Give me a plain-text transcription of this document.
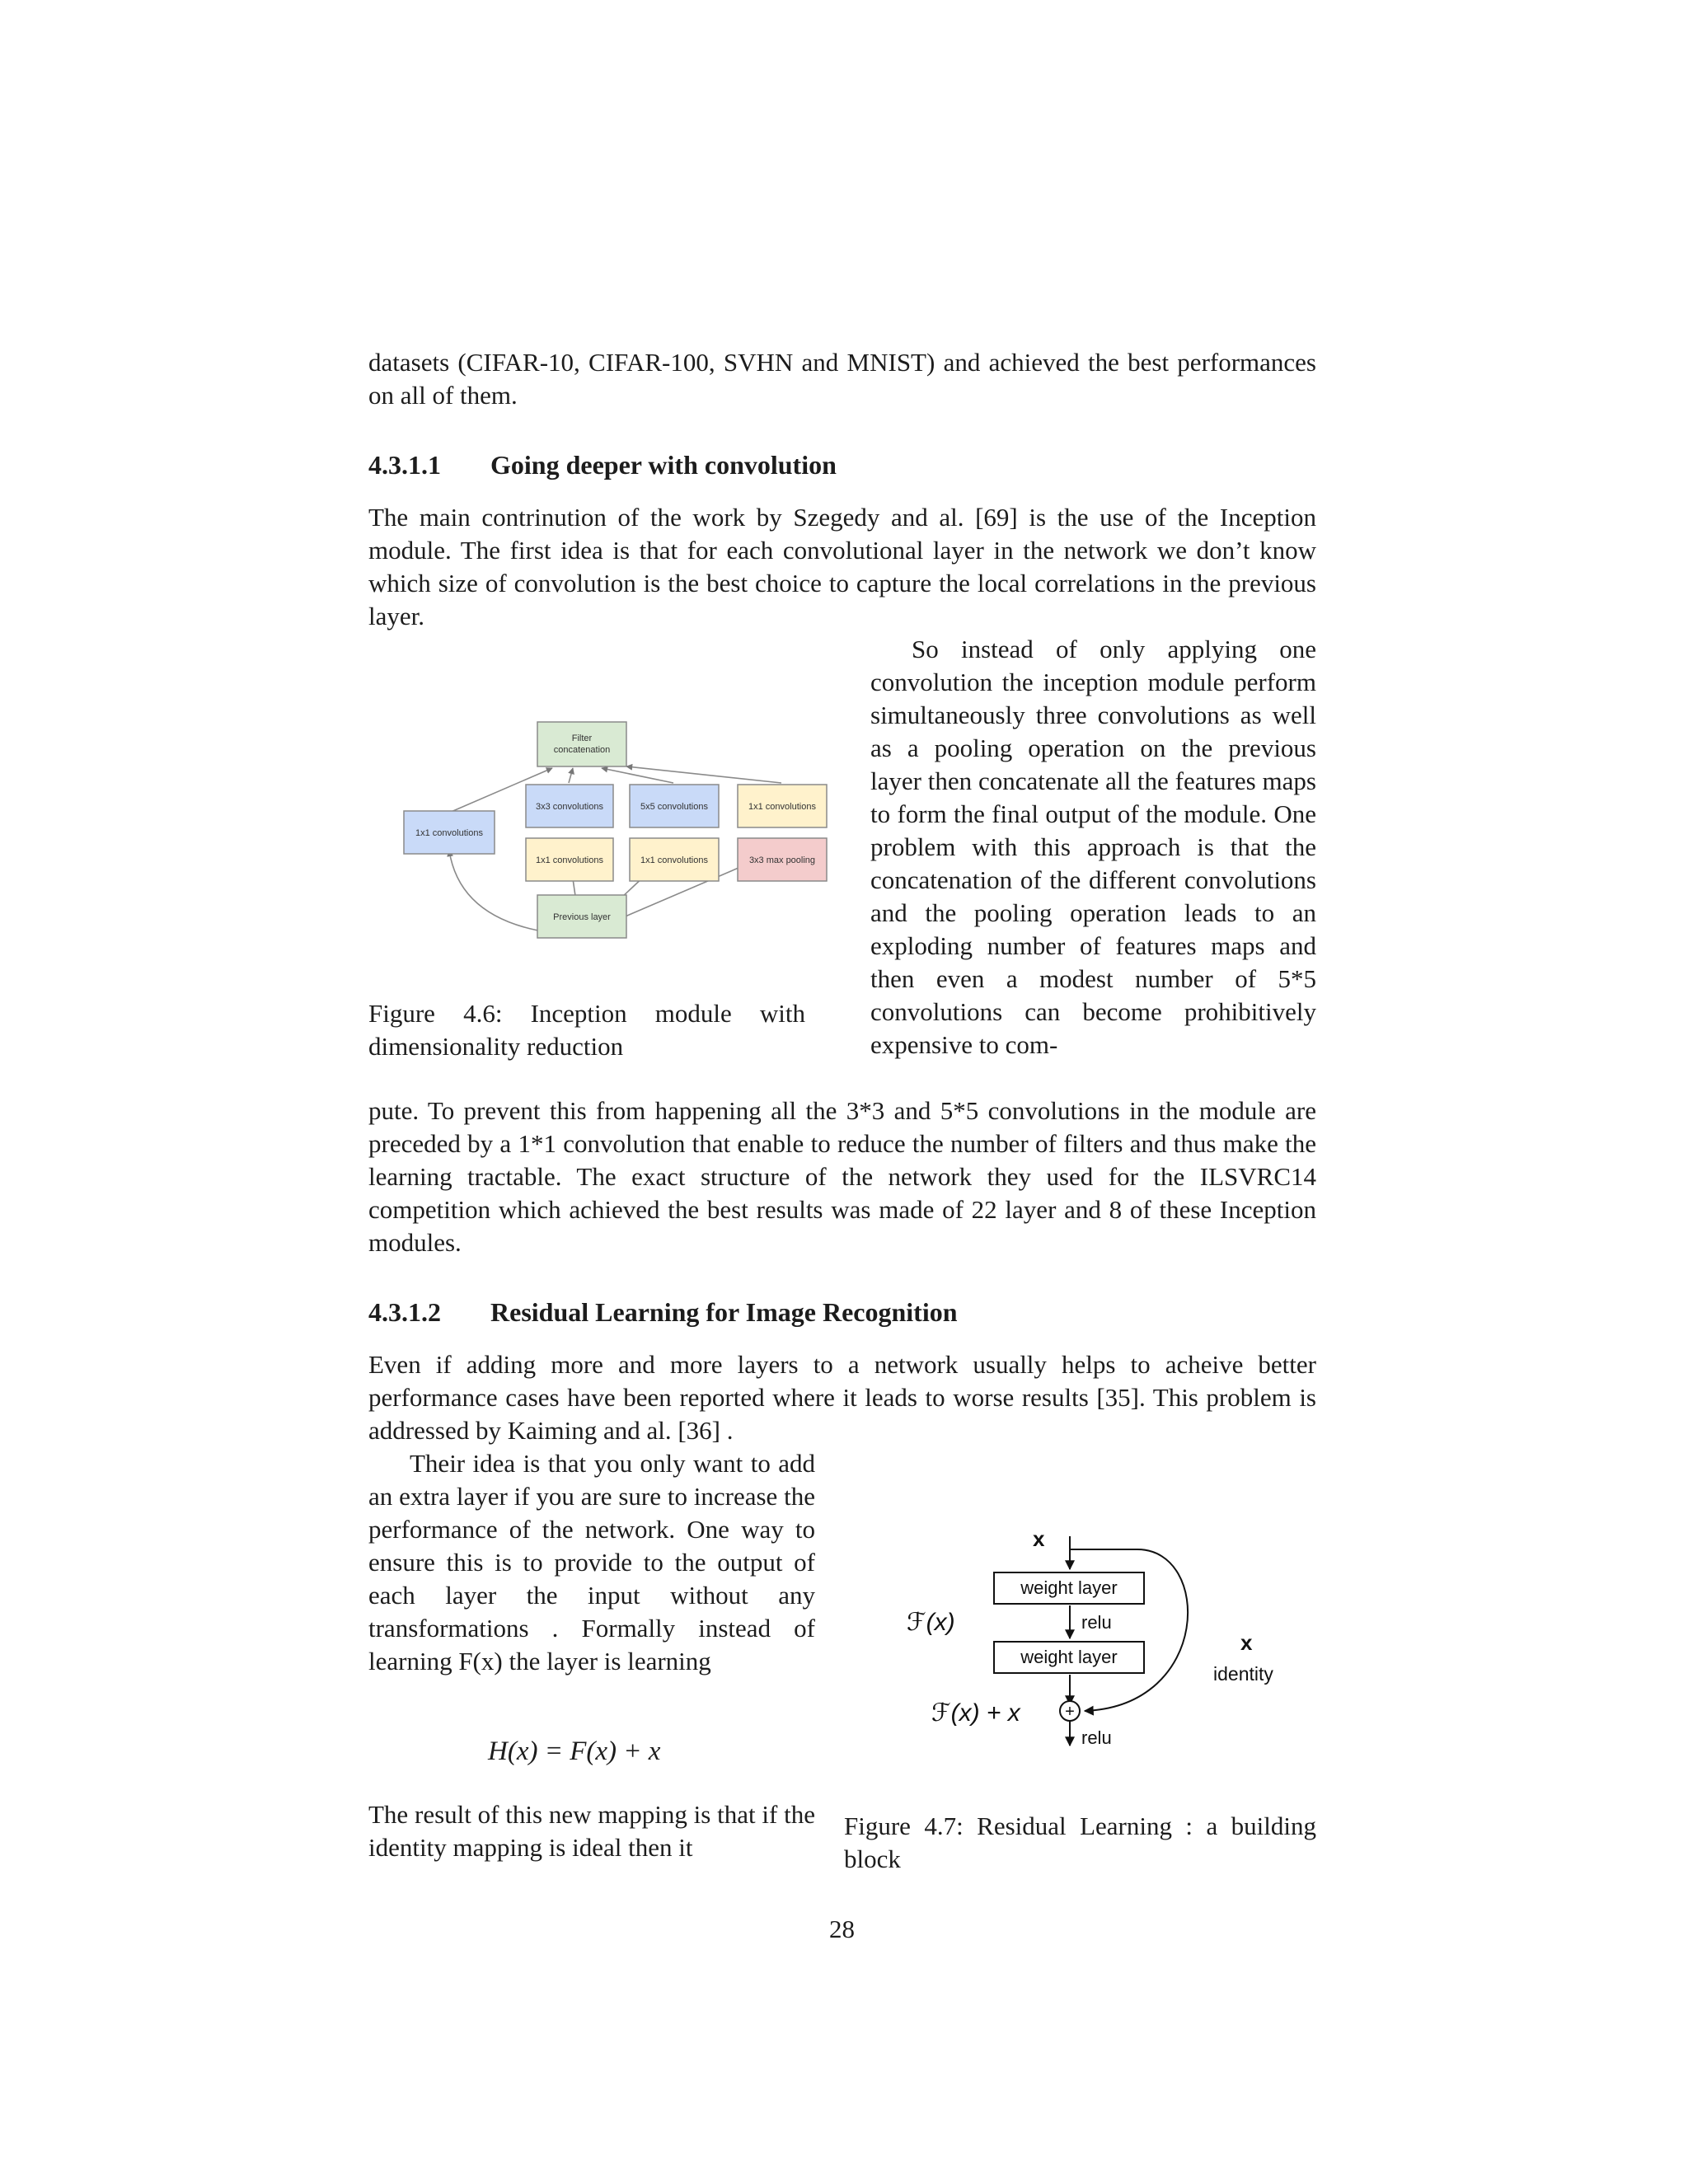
datasets (CIFAR-10, CIFAR-100, SVHN and MNIST) and achieved the best performances on all of them.
4.3.1.1 Going deeper with convolution
The main contrinution of the work by Szegedy and al. [69] is the use of the Inception module. The first idea is that for each convolutional layer in the network we don’t know which size of convolution is the best choice to capture the local correlations in the previous layer.
Filter
concatenation
3x3 convolutions	5x5 convolutions	1x1 convolutions
1x1 convolutions
1x1 convolutions	1x1 convolutions	3x3 max pooling
Previous layer
Figure 4.6: Inception module with dimensionality reduction
So instead of only applying one convolution the inception module perform simultaneously three convolutions as well as a pooling operation on the previous layer then concatenate all the features maps to form the final output of the module. One problem with this approach is that the concatenation of the different convolutions and the pooling operation leads to an exploding number of features maps and then even a modest number of 5*5 convolutions can become prohibitively expensive to com-
pute. To prevent this from happening all the 3*3 and 5*5 convolutions in the module are preceded by a 1*1 convolution that enable to reduce the number of filters and thus make the learning tractable. The exact structure of the network they used for the ILSVRC14 competition which achieved the best results was made of 22 layer and 8 of these Inception modules.
4.3.1.2 Residual Learning for Image Recognition
Even if adding more and more layers to a network usually helps to acheive better performance cases have been reported where it leads to worse results [35]. This problem is addressed by Kaiming and al. [36] .
Their idea is that you only want to add an extra layer if you are sure to increase the performance of the network. One way to ensure this is to provide to the output of each layer the input without any transformations . Formally instead of learning F(x) the layer is learning
H(x) = F(x) + x
The result of this new mapping is that if the identity mapping is ideal then it
x
weight layer
relu
weight layer
ℱ(x)
+
ℱ(x) + x
relu
x
identity
Figure 4.7: Residual Learning : a building block
28
